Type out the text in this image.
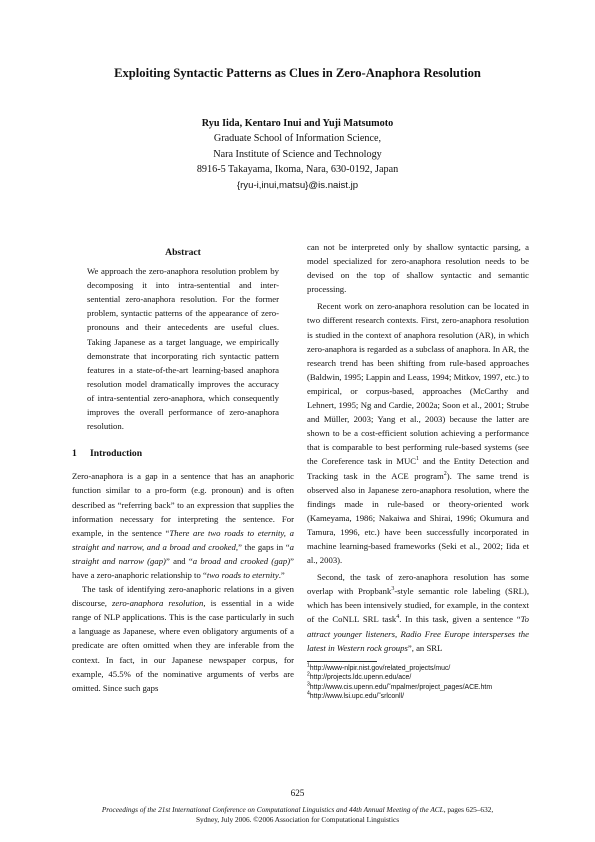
Exploiting Syntactic Patterns as Clues in Zero-Anaphora Resolution
Ryu Iida, Kentaro Inui and Yuji Matsumoto
Graduate School of Information Science,
Nara Institute of Science and Technology
8916-5 Takayama, Ikoma, Nara, 630-0192, Japan
{ryu-i,inui,matsu}@is.naist.jp
Abstract

We approach the zero-anaphora resolution problem by decomposing it into intra-sentential and inter-sentential zero-anaphora resolution. For the former problem, syntactic patterns of the appearance of zero-pronouns and their antecedents are useful clues. Taking Japanese as a target language, we empirically demonstrate that incorporating rich syntactic pattern features in a state-of-the-art learning-based anaphora resolution model dramatically improves the accuracy of intra-sentential zero-anaphora, which consequently improves the overall performance of zero-anaphora resolution.

1 Introduction

Zero-anaphora is a gap in a sentence that has an anaphoric function similar to a pro-form (e.g. pronoun) and is often described as “referring back” to an expression that supplies the information necessary for interpreting the sentence. For example, in the sentence “There are two roads to eternity, a straight and narrow, and a broad and crooked,” the gaps in “a straight and narrow (gap)” and “a broad and crooked (gap)” have a zero-anaphoric relationship to “two roads to eternity.”

The task of identifying zero-anaphoric relations in a given discourse, zero-anaphora resolution, is essential in a wide range of NLP applications. This is the case particularly in such a language as Japanese, where even obligatory arguments of a predicate are often omitted when they are inferable from the context. In fact, in our Japanese newspaper corpus, for example, 45.5% of the nominative arguments of verbs are omitted. Since such gaps

can not be interpreted only by shallow syntactic parsing, a model specialized for zero-anaphora resolution needs to be devised on the top of shallow syntactic and semantic processing.

Recent work on zero-anaphora resolution can be located in two different research contexts. First, zero-anaphora resolution is studied in the context of anaphora resolution (AR), in which zero-anaphora is regarded as a subclass of anaphora. In AR, the research trend has been shifting from rule-based approaches (Baldwin, 1995; Lappin and Leass, 1994; Mitkov, 1997, etc.) to empirical, or corpus-based, approaches (McCarthy and Lehnert, 1995; Ng and Cardie, 2002a; Soon et al., 2001; Strube and Müller, 2003; Yang et al., 2003) because the latter are shown to be a cost-efficient solution achieving a performance that is comparable to best performing rule-based systems (see the Coreference task in MUC$^1$ and the Entity Detection and Tracking task in the ACE program$^2$). The same trend is observed also in Japanese zero-anaphora resolution, where the findings made in rule-based or theory-oriented work (Kameyama, 1986; Nakaiwa and Shirai, 1996; Okumura and Tamura, 1996, etc.) have been successfully incorporated in machine learning-based frameworks (Seki et al., 2002; Iida et al., 2003).

Second, the task of zero-anaphora resolution has some overlap with Propbank$^3$-style semantic role labeling (SRL), which has been intensively studied, for example, in the context of the CoNLL SRL task$^4$. In this task, given a sentence “To attract younger listeners, Radio Free Europe intersperses the latest in Western rock groups”, an SRL

$^1$http://www-nlpir.nist.gov/related_projects/muc/
$^2$http://projects.ldc.upenn.edu/ace/
$^3$http://www.cis.upenn.edu/˜mpalmer/project_pages/ACE.htm
$^4$http://www.lsi.upc.edu/˜srlconll/
625
Proceedings of the 21st International Conference on Computational Linguistics and 44th Annual Meeting of the ACL, pages 625–632,
Sydney, July 2006. ©2006 Association for Computational Linguistics
